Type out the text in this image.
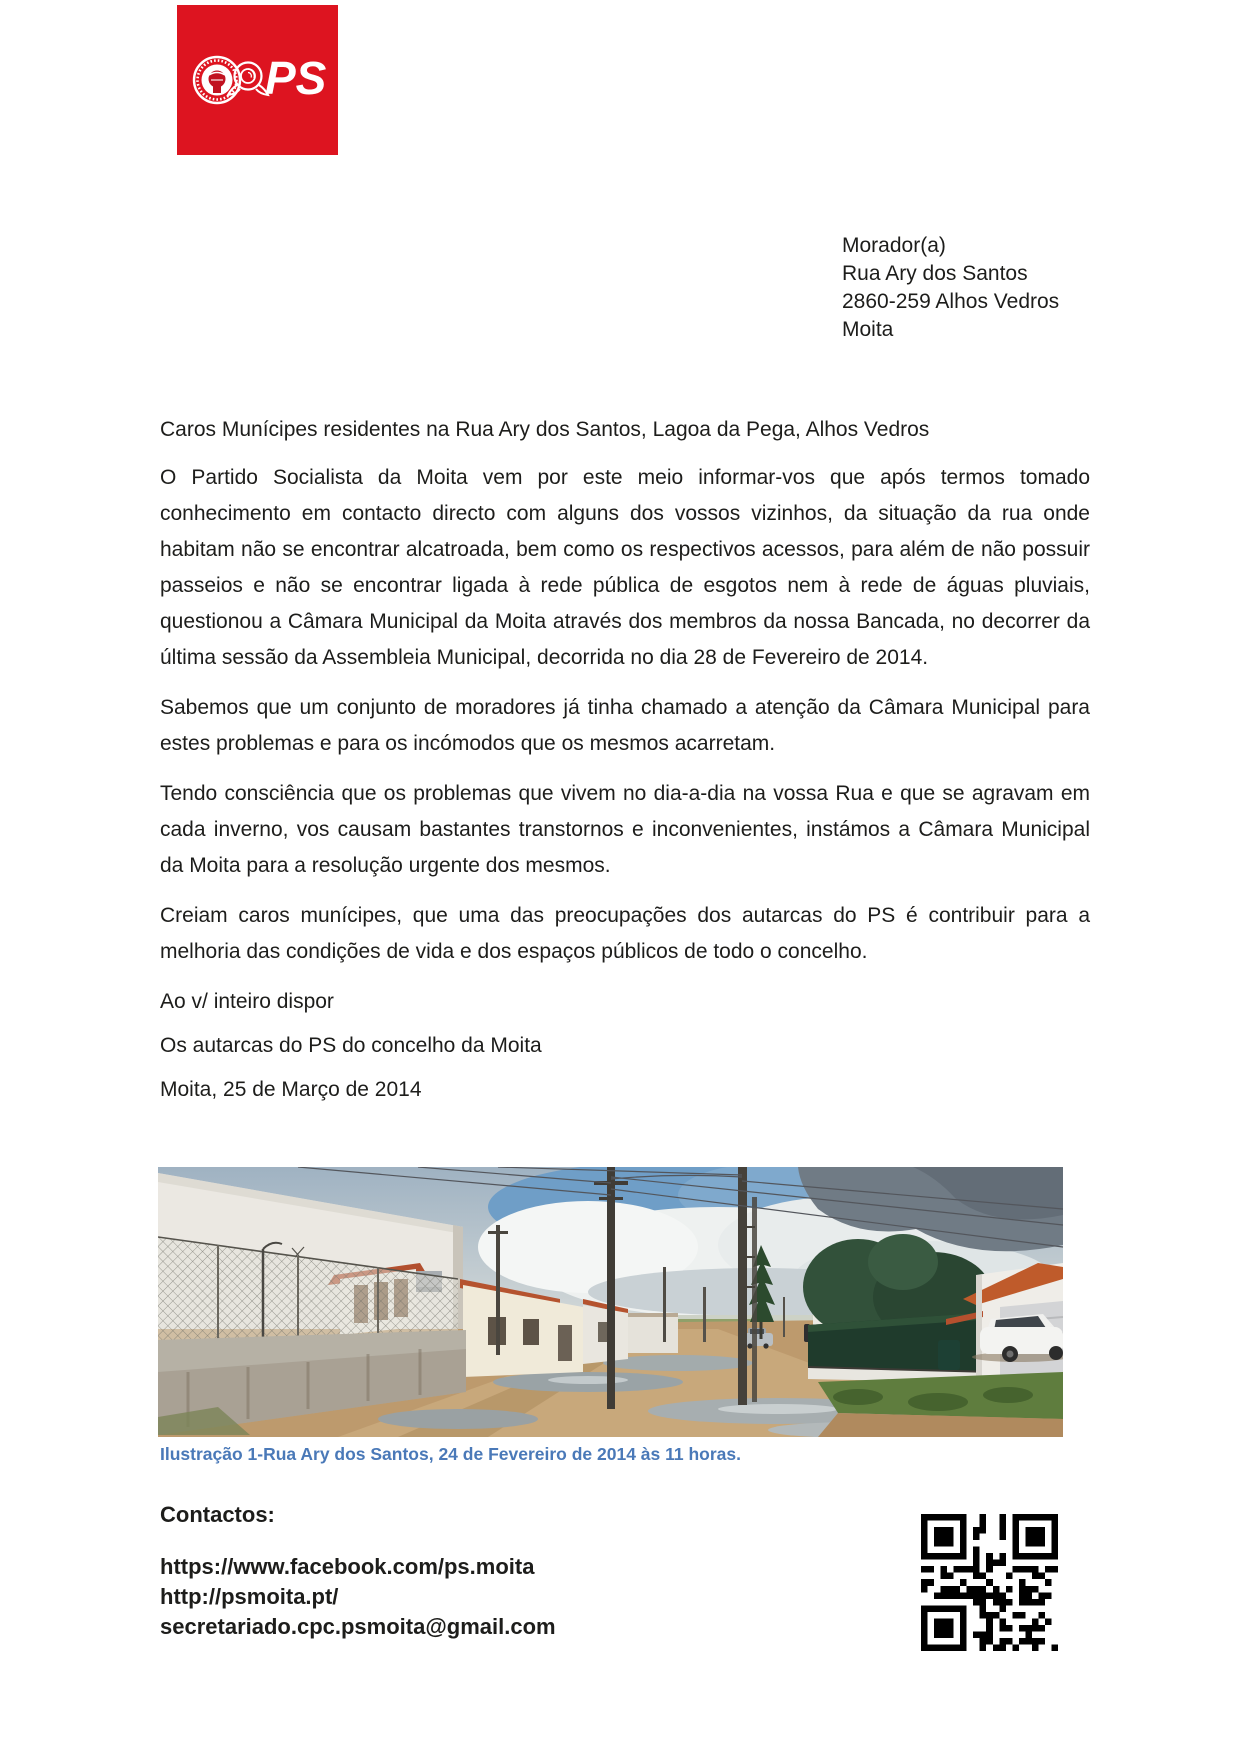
PS
Morador(a)
Rua Ary dos Santos
2860-259 Alhos Vedros
Moita

Caros Munícipes residentes na Rua Ary dos Santos, Lagoa da Pega, Alhos Vedros

O Partido Socialista da Moita vem por este meio informar-vos que após termos tomado conhecimento em contacto directo com alguns dos vossos vizinhos, da situação da rua onde habitam não se encontrar alcatroada, bem como os respectivos acessos, para além de não possuir passeios e não se encontrar ligada à rede pública de esgotos nem à rede de águas pluviais, questionou a Câmara Municipal da Moita através dos membros da nossa Bancada, no decorrer da última sessão da Assembleia Municipal, decorrida no dia 28 de Fevereiro de 2014.

Sabemos que um conjunto de moradores já tinha chamado a atenção da Câmara Municipal para estes problemas e para os incómodos que os mesmos acarretam.

Tendo consciência que os problemas que vivem no dia-a-dia na vossa Rua e que se agravam em cada inverno, vos causam bastantes transtornos e inconvenientes, instámos a Câmara Municipal da Moita para a resolução urgente dos mesmos.

Creiam caros munícipes, que uma das preocupações dos autarcas do PS é contribuir para a melhoria das condições de vida e dos espaços públicos de todo o concelho.

Ao v/ inteiro dispor

Os autarcas do PS do concelho da Moita

Moita, 25 de Março de 2014

Ilustração 1-Rua Ary dos Santos, 24 de Fevereiro de 2014 às 11 horas.
Contactos:
https://www.facebook.com/ps.moita
http://psmoita.pt/
secretariado.cpc.psmoita@gmail.com
